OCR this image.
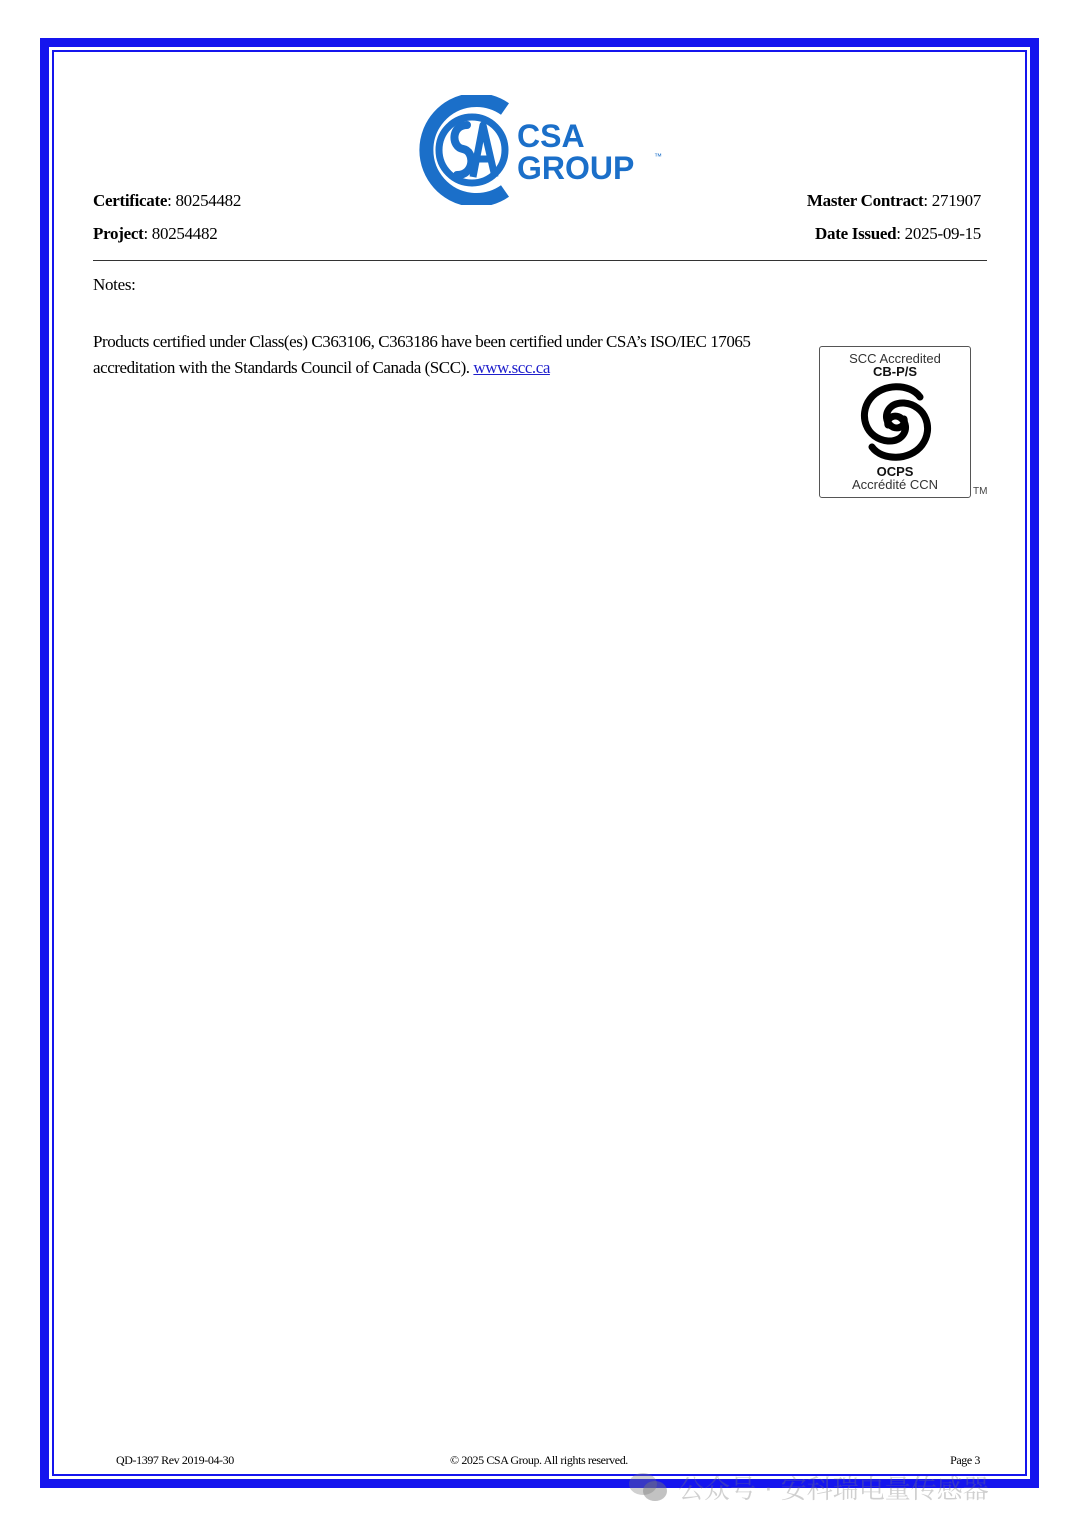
CSA
GROUP ™
Certificate: 80254482
Project: 80254482
Master Contract: 271907
Date Issued: 2025-09-15
Notes:
Products certified under Class(es) C363106, C363186 have been certified under CSA’s ISO/IEC 17065 accreditation with the Standards Council of Canada (SCC). www.scc.ca	SCC Accredited
CB-P/S
OCPS
Accrédité CCN	TM
QD-1397 Rev 2019-04-30	© 2025 CSA Group. All rights reserved.	Page 3
公众号 · 安科瑞电量传感器
